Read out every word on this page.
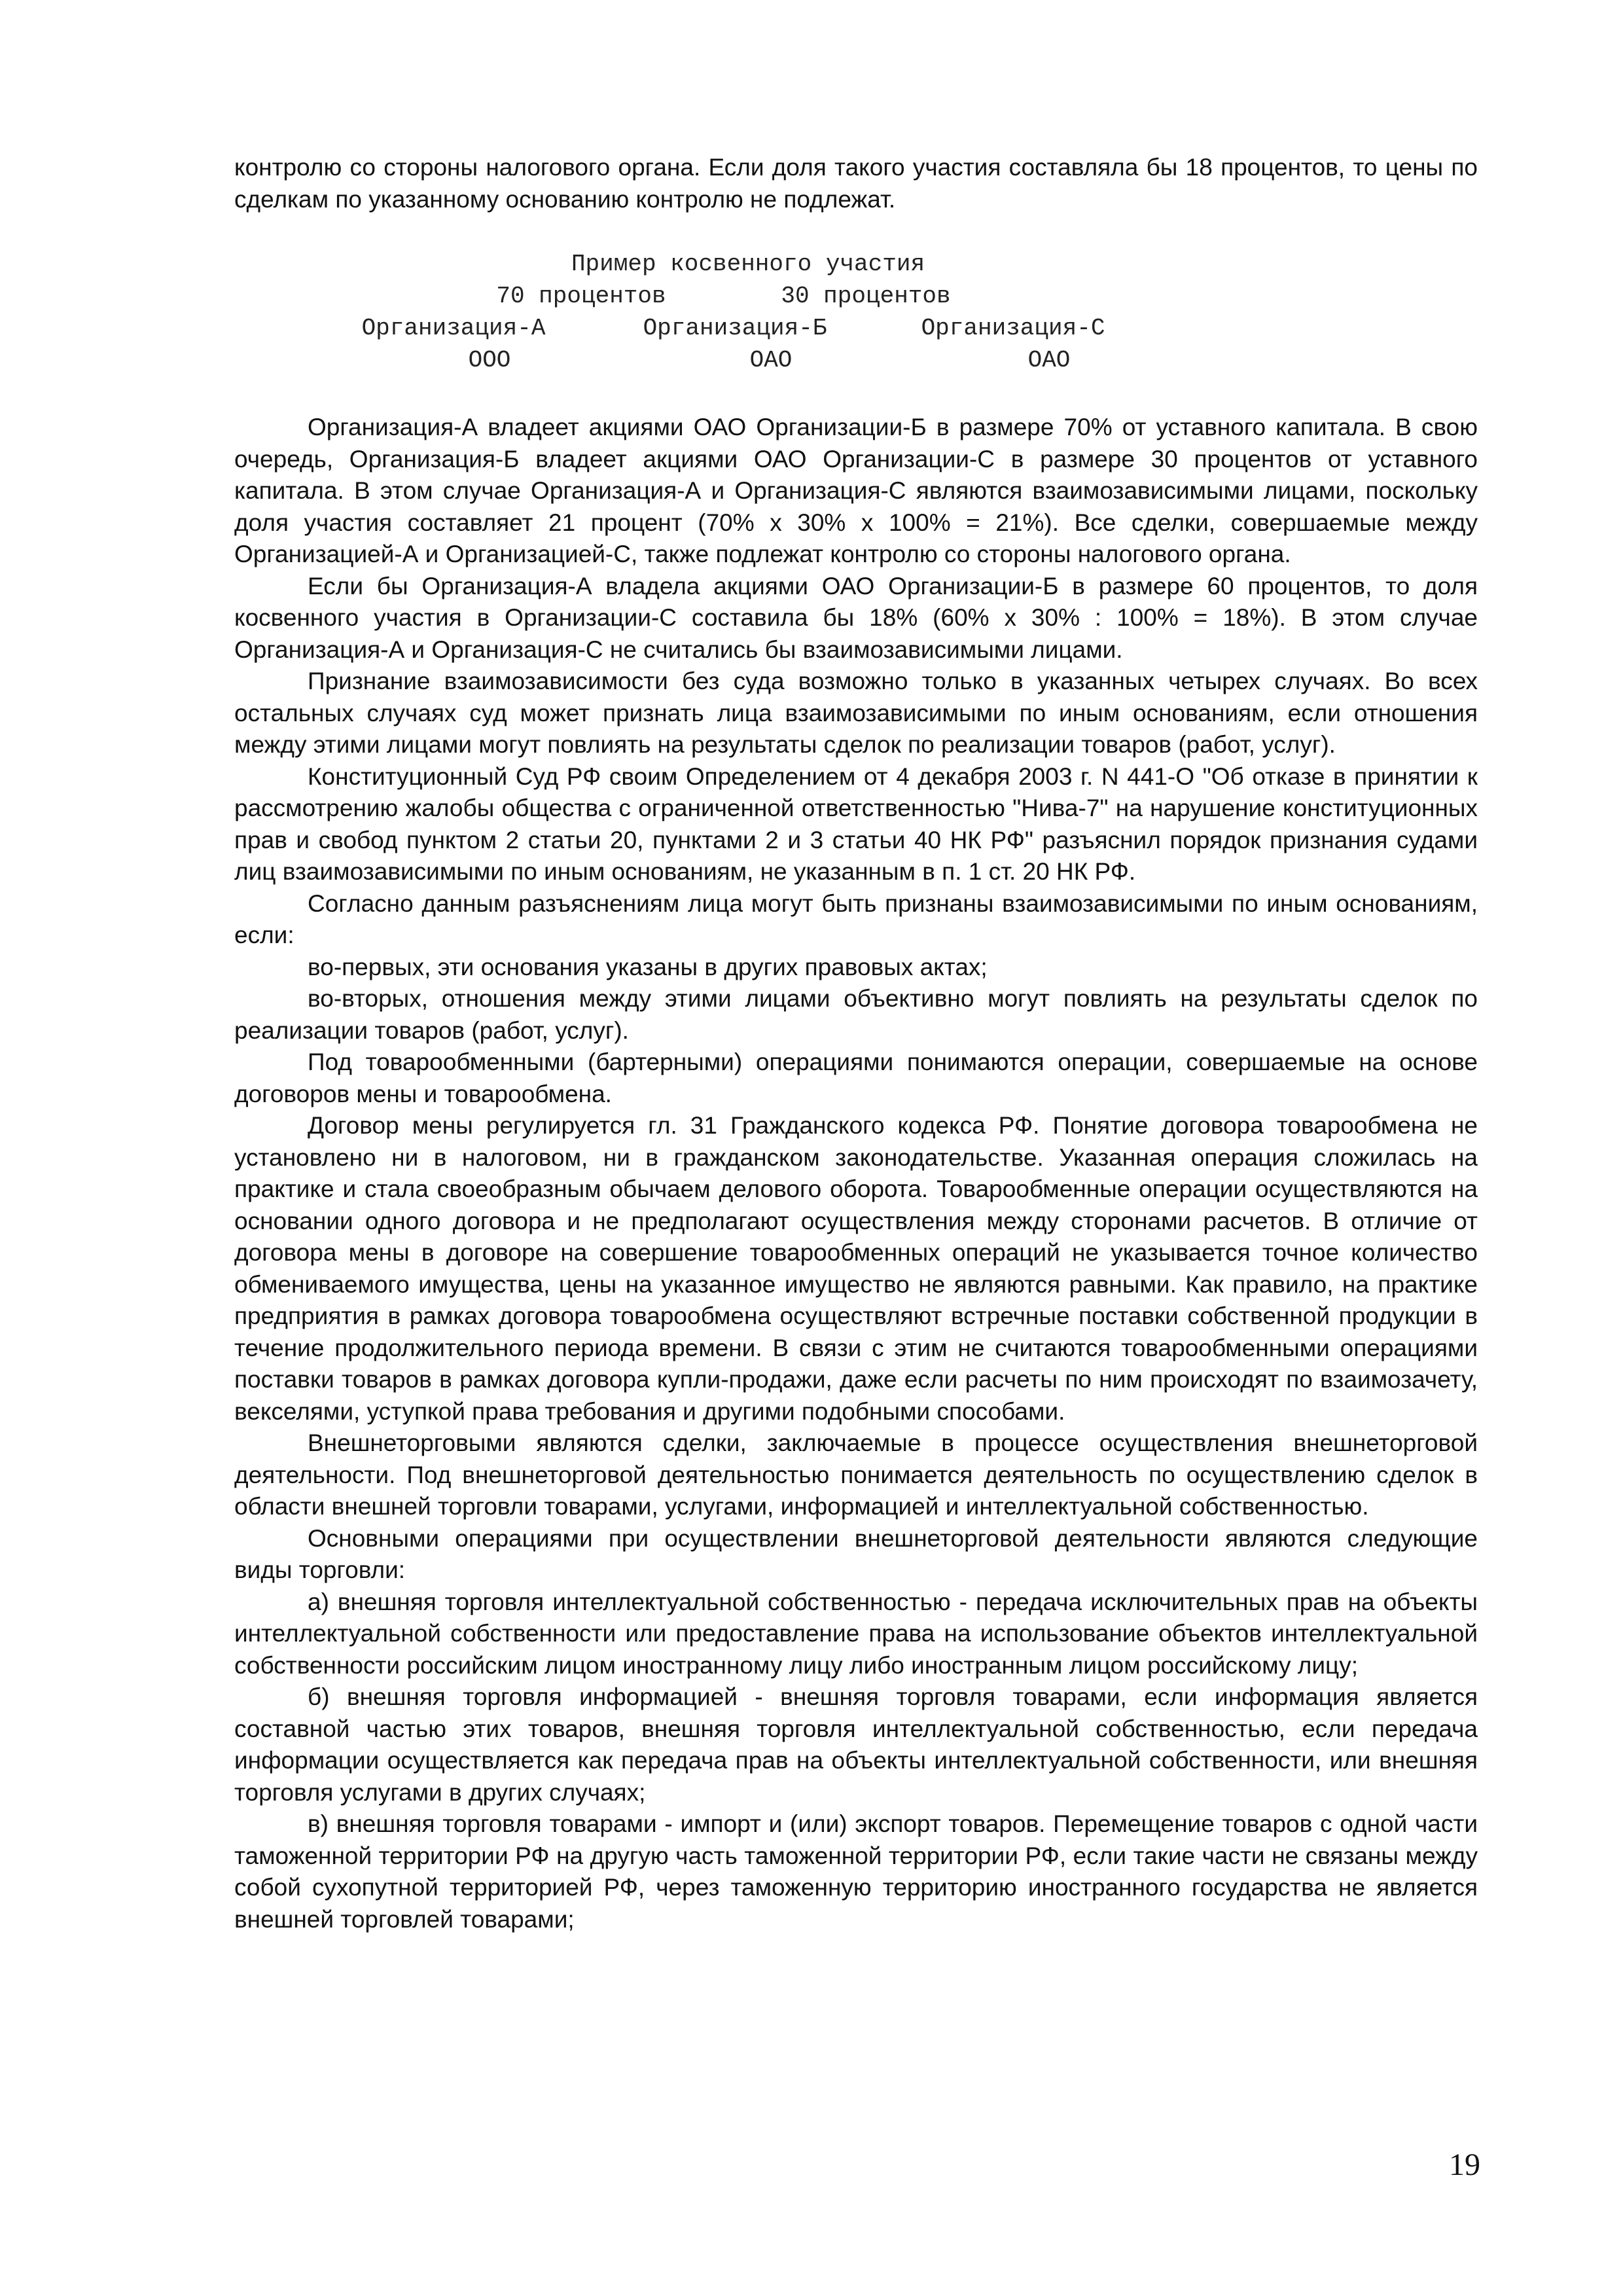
контролю со стороны налогового органа. Если доля такого участия составляла бы 18 процентов, то цены по сделкам по указанному основанию контролю не подлежат.

Пример косвенного участия
70 процентов	30 процентов
Организация-А	Организация-Б	Организация-С
ООО	ОАО	ОАО

Организация-А владеет акциями ОАО Организации-Б в размере 70% от уставного капитала. В свою очередь, Организация-Б владеет акциями ОАО Организации-С в размере 30 процентов от уставного капитала. В этом случае Организация-А и Организация-С являются взаимозависимыми лицами, поскольку доля участия составляет 21 процент (70% x 30% x 100% = 21%). Все сделки, совершаемые между Организацией-А и Организацией-С, также подлежат контролю со стороны налогового органа.

Если бы Организация-А владела акциями ОАО Организации-Б в размере 60 процентов, то доля косвенного участия в Организации-С составила бы 18% (60% x 30% : 100% = 18%). В этом случае Организация-А и Организация-С не считались бы взаимозависимыми лицами.

Признание взаимозависимости без суда возможно только в указанных четырех случаях. Во всех остальных случаях суд может признать лица взаимозависимыми по иным основаниям, если отношения между этими лицами могут повлиять на результаты сделок по реализации товаров (работ, услуг).

Конституционный Суд РФ своим Определением от 4 декабря 2003 г. N 441-О "Об отказе в принятии к рассмотрению жалобы общества с ограниченной ответственностью "Нива-7" на нарушение конституционных прав и свобод пунктом 2 статьи 20, пунктами 2 и 3 статьи 40 НК РФ" разъяснил порядок признания судами лиц взаимозависимыми по иным основаниям, не указанным в п. 1 ст. 20 НК РФ.

Согласно данным разъяснениям лица могут быть признаны взаимозависимыми по иным основаниям, если:

во-первых, эти основания указаны в других правовых актах;

во-вторых, отношения между этими лицами объективно могут повлиять на результаты сделок по реализации товаров (работ, услуг).

Под товарообменными (бартерными) операциями понимаются операции, совершаемые на основе договоров мены и товарообмена.

Договор мены регулируется гл. 31 Гражданского кодекса РФ. Понятие договора товарообмена не установлено ни в налоговом, ни в гражданском законодательстве. Указанная операция сложилась на практике и стала своеобразным обычаем делового оборота. Товарообменные операции осуществляются на основании одного договора и не предполагают осуществления между сторонами расчетов. В отличие от договора мены в договоре на совершение товарообменных операций не указывается точное количество обмениваемого имущества, цены на указанное имущество не являются равными. Как правило, на практике предприятия в рамках договора товарообмена осуществляют встречные поставки собственной продукции в течение продолжительного периода времени. В связи с этим не считаются товарообменными операциями поставки товаров в рамках договора купли-продажи, даже если расчеты по ним происходят по взаимозачету, векселями, уступкой права требования и другими подобными способами.

Внешнеторговыми являются сделки, заключаемые в процессе осуществления внешнеторговой деятельности. Под внешнеторговой деятельностью понимается деятельность по осуществлению сделок в области внешней торговли товарами, услугами, информацией и интеллектуальной собственностью.

Основными операциями при осуществлении внешнеторговой деятельности являются следующие виды торговли:

а) внешняя торговля интеллектуальной собственностью - передача исключительных прав на объекты интеллектуальной собственности или предоставление права на использование объектов интеллектуальной собственности российским лицом иностранному лицу либо иностранным лицом российскому лицу;

б) внешняя торговля информацией - внешняя торговля товарами, если информация является составной частью этих товаров, внешняя торговля интеллектуальной собственностью, если передача информации осуществляется как передача прав на объекты интеллектуальной собственности, или внешняя торговля услугами в других случаях;

в) внешняя торговля товарами - импорт и (или) экспорт товаров. Перемещение товаров с одной части таможенной территории РФ на другую часть таможенной территории РФ, если такие части не связаны между собой сухопутной территорией РФ, через таможенную территорию иностранного государства не является внешней торговлей товарами;

19
